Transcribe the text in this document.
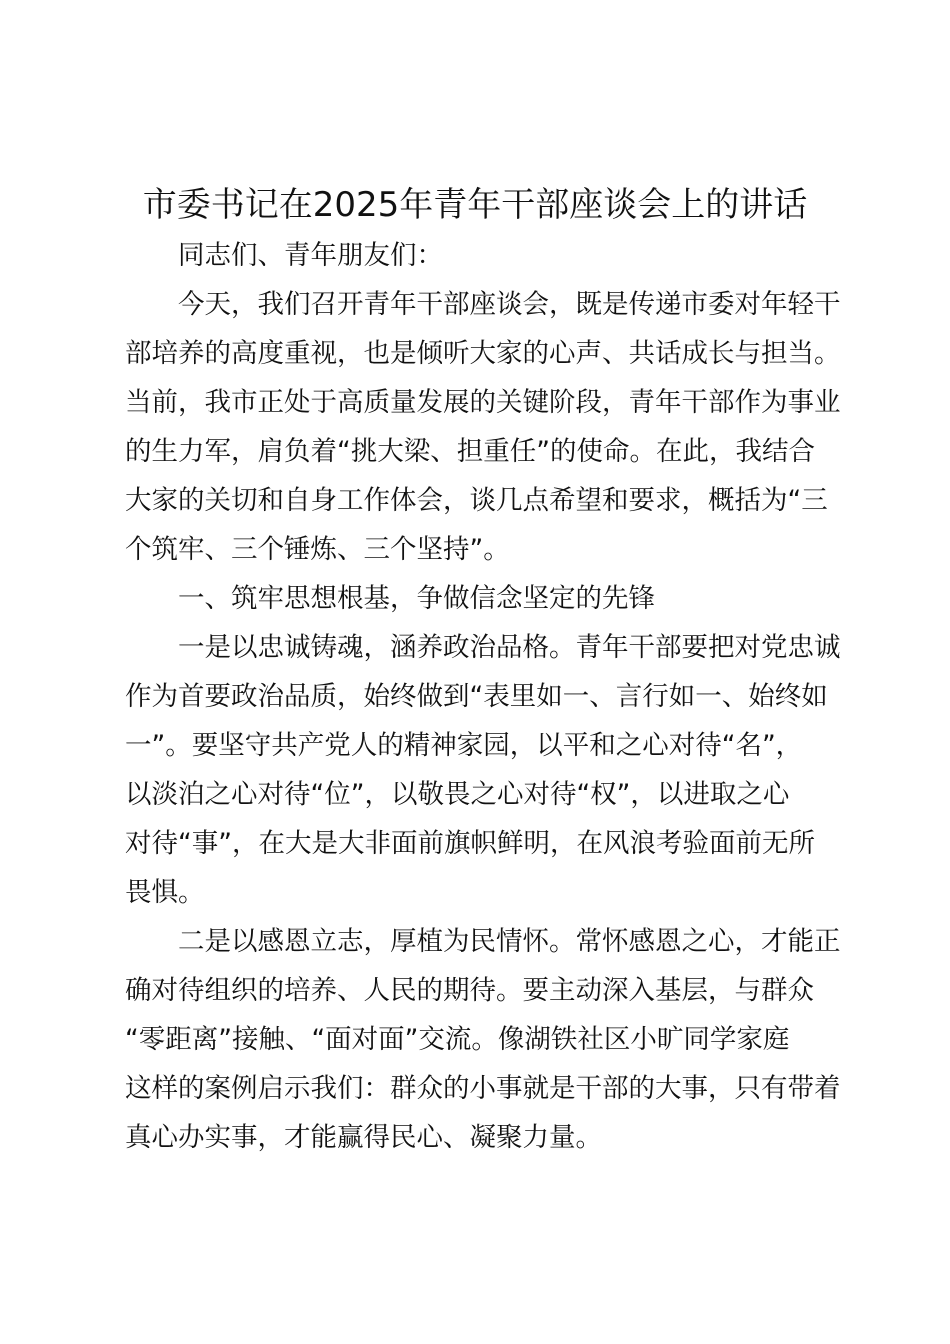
市委书记在2025年青年干部座谈会上的讲话

同志们、青年朋友们：

今天，我们召开青年干部座谈会，既是传递市委对年轻干
部培养的高度重视，也是倾听大家的心声、共话成长与担当。
当前，我市正处于高质量发展的关键阶段，青年干部作为事业
的生力军，肩负着“挑大梁、担重任”的使命。在此，我结合
大家的关切和自身工作体会，谈几点希望和要求，概括为“三
个筑牢、三个锤炼、三个坚持”。

一、筑牢思想根基，争做信念坚定的先锋

一是以忠诚铸魂，涵养政治品格。青年干部要把对党忠诚
作为首要政治品质，始终做到“表里如一、言行如一、始终如
一”。要坚守共产党人的精神家园，以平和之心对待“名”，
以淡泊之心对待“位”，以敬畏之心对待“权”，以进取之心
对待“事”，在大是大非面前旗帜鲜明，在风浪考验面前无所
畏惧。

二是以感恩立志，厚植为民情怀。常怀感恩之心，才能正
确对待组织的培养、人民的期待。要主动深入基层，与群众
“零距离”接触、“面对面”交流。像湖铁社区小旷同学家庭
这样的案例启示我们：群众的小事就是干部的大事，只有带着
真心办实事，才能赢得民心、凝聚力量。
